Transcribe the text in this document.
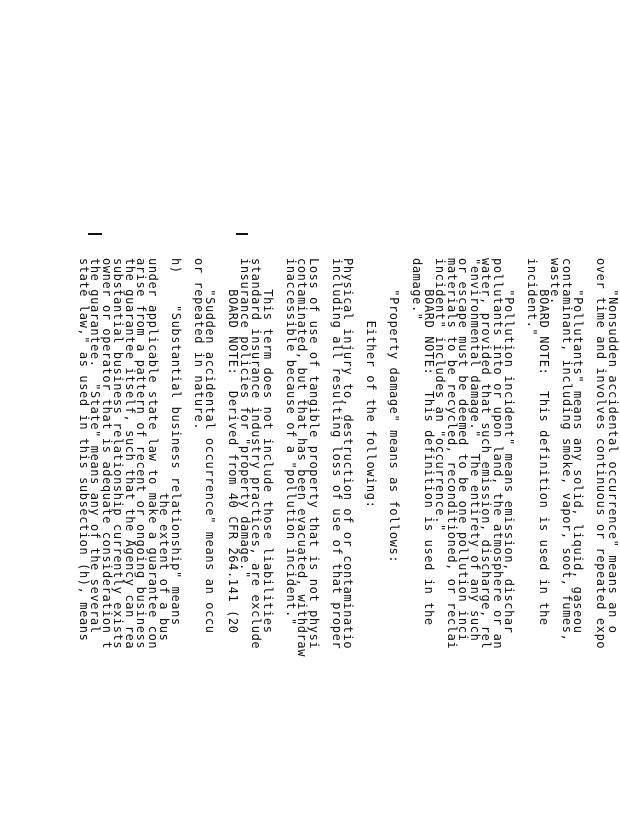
"Nonsudden accidental occurrence" means an o
over time and involves continuous or repeated expo
"Pollutants" means any solid, liquid, gaseou
contaminant, including smoke, vapor, soot, fumes,
waste.
BOARD NOTE:  This definition is used in the
incident."
"Pollution incident" means emission, dischar
pollutants into or upon land, the atmosphere or an
water, provided that such emission, discharge, rel
"environmental damage."  The entirety of any such
or escape must be deemed to be one pollution inci
materials to be recycled, reconditioned, or reclai
incident" includes an "occurrence."
BOARD NOTE:  This definition is used in the
damage."
"Property damage" means as follows:
Either of the following:
Physical injury to, destruction of or contaminatio
including all resulting loss of use of that proper
Loss of use of tangible property that is not physi
contaminated, but that has been evacuated, withdraw
inaccessible because of a "pollution incident."
This term does not include those liabilities
standard insurance industry practices, are exclude
insurance policies for "property damage."
BOARD NOTE:  Derived from 40 CFR 264.141 (20
"Sudden accidental occurrence" means an occu
or repeated in nature.
h)    "Substantial business relationship" means
the extent of a bus
under applicable state law to make a guarantee con
arise from a pattern of recent or ongoing business
the guarantee itself, such that the Agency can rea
substantial business relationship currently exists
owner or operator that is adequate consideration t
the guarantee.  "State" means any of the several
state law," as used in this subsection (h), means
